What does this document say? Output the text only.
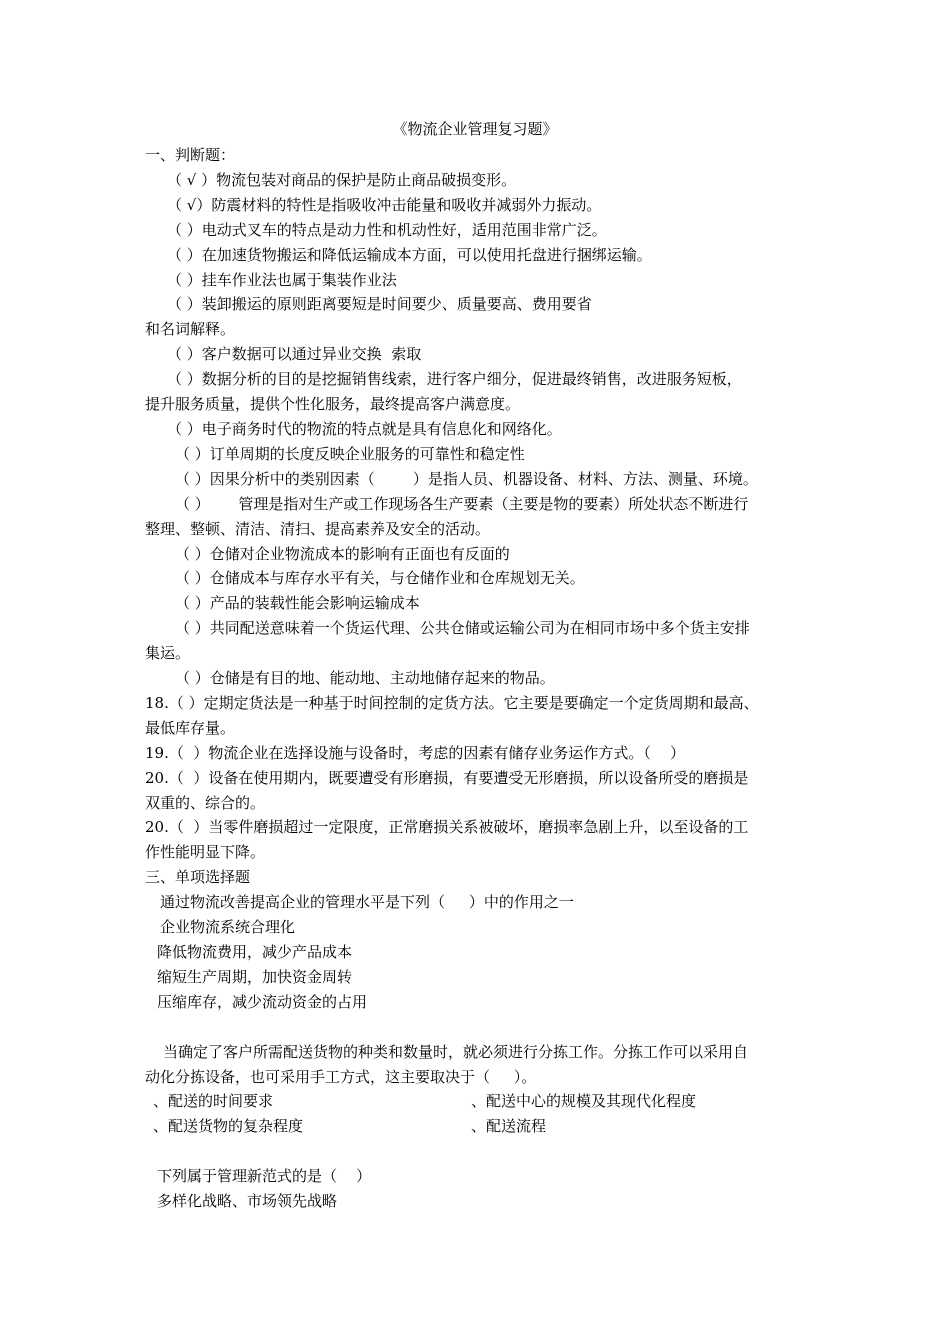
《物流企业管理复习题》

一、判断题：

（ √ ）物流包装对商品的保护是防止商品破损变形。

（ √）防震材料的特性是指吸收冲击能量和吸收并减弱外力振动。

（ ）电动式叉车的特点是动力性和机动性好，适用范围非常广泛。

（ ）在加速货物搬运和降低运输成本方面，可以使用托盘进行捆绑运输。

（ ）挂车作业法也属于集装作业法

（ ）装卸搬运的原则距离要短是时间要少、质量要高、费用要省

和名词解释。

（ ）客户数据可以通过异业交换  索取

（ ）数据分析的目的是挖掘销售线索，进行客户细分，促进最终销售，改进服务短板，

提升服务质量，提供个性化服务，最终提高客户满意度。

（ ）电子商务时代的物流的特点就是具有信息化和网络化。

（ ）订单周期的长度反映企业服务的可靠性和稳定性

（ ）因果分析中的类别因素（        ）是指人员、机器设备、材料、方法、测量、环境。

（ ）      管理是指对生产或工作现场各生产要素（主要是物的要素）所处状态不断进行

整理、整顿、清洁、清扫、提高素养及安全的活动。

（ ）仓储对企业物流成本的影响有正面也有反面的

（ ）仓储成本与库存水平有关，与仓储作业和仓库规划无关。

（ ）产品的装载性能会影响运输成本

（ ）共同配送意味着一个货运代理、公共仓储或运输公司为在相同市场中多个货主安排

集运。

（ ）仓储是有目的地、能动地、主动地储存起来的物品。

18.（ ）定期定货法是一种基于时间控制的定货方法。它主要是要确定一个定货周期和最高、

最低库存量。

19.（  ）物流企业在选择设施与设备时，考虑的因素有储存业务运作方式。（    ）

20.（  ）设备在使用期内，既要遭受有形磨损，有要遭受无形磨损，所以设备所受的磨损是

双重的、综合的。

20.（  ）当零件磨损超过一定限度，正常磨损关系被破坏，磨损率急剧上升，以至设备的工

作性能明显下降。

三、单项选择题

通过物流改善提高企业的管理水平是下列（     ）中的作用之一

企业物流系统合理化

降低物流费用，减少产品成本

缩短生产周期，加快资金周转

压缩库存，减少流动资金的占用

当确定了客户所需配送货物的种类和数量时，就必须进行分拣工作。分拣工作可以采用自

动化分拣设备，也可采用手工方式，这主要取决于（     ）。

、配送的时间要求	、配送中心的规模及其现代化程度
、配送货物的复杂程度	、配送流程

下列属于管理新范式的是（    ）

多样化战略、市场领先战略
